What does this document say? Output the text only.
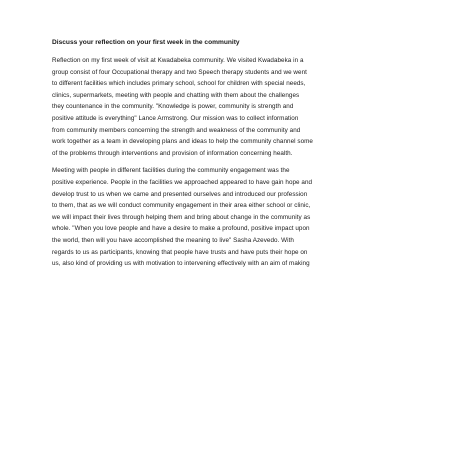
Discuss your reflection on your first week in the community
Reflection on my first week of visit at Kwadabeka community. We visited Kwadabeka in a
group consist of four Occupational therapy and two Speech therapy students and we went
to different facilities which includes primary school, school for children with special needs,
clinics, supermarkets, meeting with people and chatting with them about the challenges
they countenance in the community. "Knowledge is power, community is strength and
positive attitude is everything" Lance Armstrong. Our mission was to collect information
from community members concerning the strength and weakness of the community and
work together as a team in developing plans and ideas to help the community channel some
of the problems through interventions and provision of information concerning health.
Meeting with people in different facilities during the community engagement was the
positive experience. People in the facilities we approached appeared to have gain hope and
develop trust to us when we came and presented ourselves and introduced our profession
to them, that as we will conduct community engagement in their area either school or clinic,
we will impact their lives through helping them and bring about change in the community as
whole. "When you love people and have a desire to make a profound, positive impact upon
the world, then will you have accomplished the meaning to live" Sasha Azevedo. With
regards to us as participants, knowing that people have trusts and have puts their hope on
us, also kind of providing us with motivation to intervening effectively with an aim of making
